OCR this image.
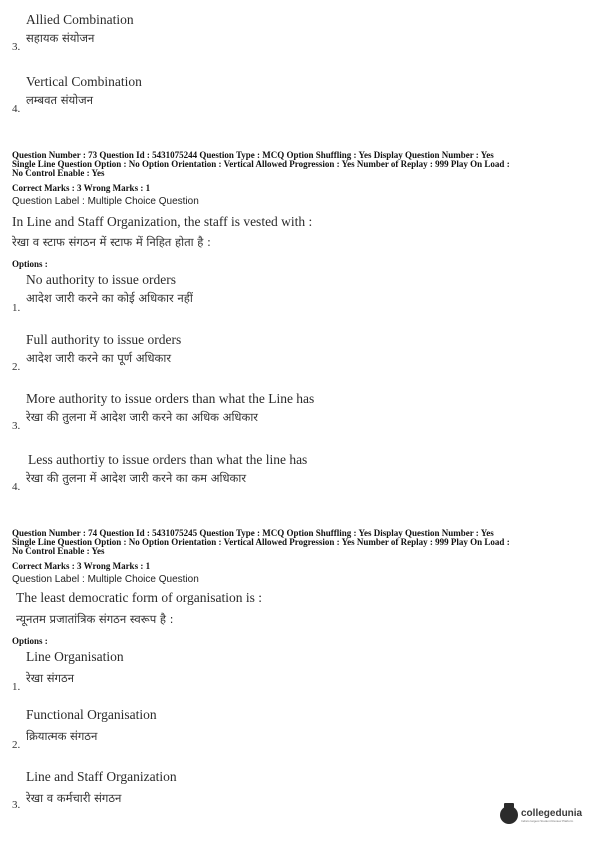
Allied Combination
सहायक संयोजन
3.
Vertical Combination
लम्बवत संयोजन
4.
Question Number : 73 Question Id : 5431075244 Question Type : MCQ Option Shuffling : Yes Display Question Number : Yes
Single Line Question Option : No Option Orientation : Vertical Allowed Progression : Yes Number of Replay : 999 Play On Load :
No Control Enable : Yes
Correct Marks : 3 Wrong Marks : 1
Question Label : Multiple Choice Question
In Line and Staff Organization, the staff is vested with :
रेखा व स्टाफ संगठन में स्टाफ में निहित होता है :
Options :
No authority to issue orders
आदेश जारी करने का कोई अधिकार नहीं
1.
Full authority to issue orders
आदेश जारी करने का पूर्ण अधिकार
2.
More authority to issue orders than what the Line has
रेखा की तुलना में आदेश जारी करने का अधिक अधिकार
3.
Less authortiy to issue orders than what the line has
रेखा की तुलना में आदेश जारी करने का कम अधिकार
4.
Question Number : 74 Question Id : 5431075245 Question Type : MCQ Option Shuffling : Yes Display Question Number : Yes
Single Line Question Option : No Option Orientation : Vertical Allowed Progression : Yes Number of Replay : 999 Play On Load :
No Control Enable : Yes
Correct Marks : 3 Wrong Marks : 1
Question Label : Multiple Choice Question
The least democratic form of organisation is :
न्यूनतम प्रजातांत्रिक संगठन स्वरूप है :
Options :
Line Organisation
रेखा संगठन
1.
Functional Organisation
क्रियात्मक संगठन
2.
Line and Staff Organization
रेखा व कर्मचारी संगठन
3.
collegedunia
India's largest Student Review Platform
